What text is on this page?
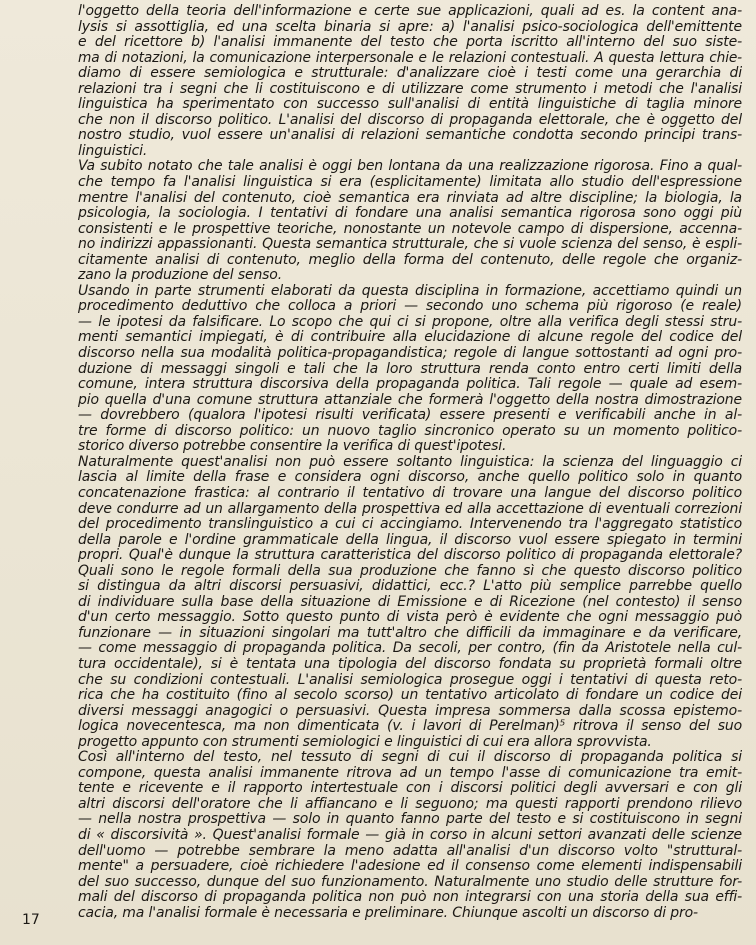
l'oggetto della teoria dell'informazione e certe sue applicazioni, quali ad es. la content ana-
lysis si assottiglia, ed una scelta binaria si apre: a) l'analisi psico-sociologica dell'emittente
e del ricettore b) l'analisi immanente del testo che porta iscritto all'interno del suo siste-
ma di notazioni, la comunicazione interpersonale e le relazioni contestuali. A questa lettura chie-
diamo di essere semiologica e strutturale: d'analizzare cioè i testi come una gerarchia di
relazioni tra i segni che li costituiscono e di utilizzare come strumento i metodi che l'analisi
linguistica ha sperimentato con successo sull'analisi di entità linguistiche di taglia minore
che non il discorso politico. L'analisi del discorso di propaganda elettorale, che è oggetto del
nostro studio, vuol essere un'analisi di relazioni semantiche condotta secondo principi trans-
linguistici.
Va subito notato che tale analisi è oggi ben lontana da una realizzazione rigorosa. Fino a qual-
che tempo fa l'analisi linguistica si era (esplicitamente) limitata allo studio dell'espressione
mentre l'analisi del contenuto, cioè semantica era rinviata ad altre discipline; la biologia, la
psicologia, la sociologia. I tentativi di fondare una analisi semantica rigorosa sono oggi più
consistenti e le prospettive teoriche, nonostante un notevole campo di dispersione, accenna-
no indirizzi appassionanti. Questa semantica strutturale, che si vuole scienza del senso, è espli-
citamente analisi di contenuto, meglio della forma del contenuto, delle regole che organiz-
zano la produzione del senso.
Usando in parte strumenti elaborati da questa disciplina in formazione, accettiamo quindi un
procedimento deduttivo che colloca a priori — secondo uno schema più rigoroso (e reale)
— le ipotesi da falsificare. Lo scopo che qui ci si propone, oltre alla verifica degli stessi stru-
menti semantici impiegati, è di contribuire alla elucidazione di alcune regole del codice del
discorso nella sua modalità politica-propagandistica; regole di langue sottostanti ad ogni pro-
duzione di messaggi singoli e tali che la loro struttura renda conto entro certi limiti della
comune, intera struttura discorsiva della propaganda politica. Tali regole — quale ad esem-
pio quella d'una comune struttura attanziale che formerà l'oggetto della nostra dimostrazione
— dovrebbero (qualora l'ipotesi risulti verificata) essere presenti e verificabili anche in al-
tre forme di discorso politico: un nuovo taglio sincronico operato su un momento politico-
storico diverso potrebbe consentire la verifica di quest'ipotesi.
Naturalmente quest'analisi non può essere soltanto linguistica: la scienza del linguaggio ci
lascia al limite della frase e considera ogni discorso, anche quello politico solo in quanto
concatenazione frastica: al contrario il tentativo di trovare una langue del discorso politico
deve condurre ad un allargamento della prospettiva ed alla accettazione di eventuali correzioni
del procedimento translinguistico a cui ci accingiamo. Intervenendo tra l'aggregato statistico
della parole e l'ordine grammaticale della lingua, il discorso vuol essere spiegato in termini
propri. Qual'è dunque la struttura caratteristica del discorso politico di propaganda elettorale?
Quali sono le regole formali della sua produzione che fanno sì che questo discorso politico
si distingua da altri discorsi persuasivi, didattici, ecc.? L'atto più semplice parrebbe quello
di individuare sulla base della situazione di Emissione e di Ricezione (nel contesto) il senso
d'un certo messaggio. Sotto questo punto di vista però è evidente che ogni messaggio può
funzionare — in situazioni singolari ma tutt'altro che difficili da immaginare e da verificare,
— come messaggio di propaganda politica. Da secoli, per contro, (fin da Aristotele nella cul-
tura occidentale), si è tentata una tipologia del discorso fondata su proprietà formali oltre
che su condizioni contestuali. L'analisi semiologica prosegue oggi i tentativi di questa reto-
rica che ha costituito (fino al secolo scorso) un tentativo articolato di fondare un codice dei
diversi messaggi anagogici o persuasivi. Questa impresa sommersa dalla scossa epistemo-
logica novecentesca, ma non dimenticata (v. i lavori di Perelman)⁵ ritrova il senso del suo
progetto appunto con strumenti semiologici e linguistici di cui era allora sprovvista.
Così all'interno del testo, nel tessuto di segni di cui il discorso di propaganda politica si
compone, questa analisi immanente ritrova ad un tempo l'asse di comunicazione tra emit-
tente e ricevente e il rapporto intertestuale con i discorsi politici degli avversari e con gli
altri discorsi dell'oratore che li affiancano e li seguono; ma questi rapporti prendono rilievo
— nella nostra prospettiva — solo in quanto fanno parte del testo e si costituiscono in segni
di « discorsività ». Quest'analisi formale — già in corso in alcuni settori avanzati delle scienze
dell'uomo — potrebbe sembrare la meno adatta all'analisi d'un discorso volto "struttural-
mente" a persuadere, cioè richiedere l'adesione ed il consenso come elementi indispensabili
del suo successo, dunque del suo funzionamento. Naturalmente uno studio delle strutture for-
mali del discorso di propaganda politica non può non integrarsi con una storia della sua effi-
cacia, ma l'analisi formale è necessaria e preliminare. Chiunque ascolti un discorso di pro-
17
